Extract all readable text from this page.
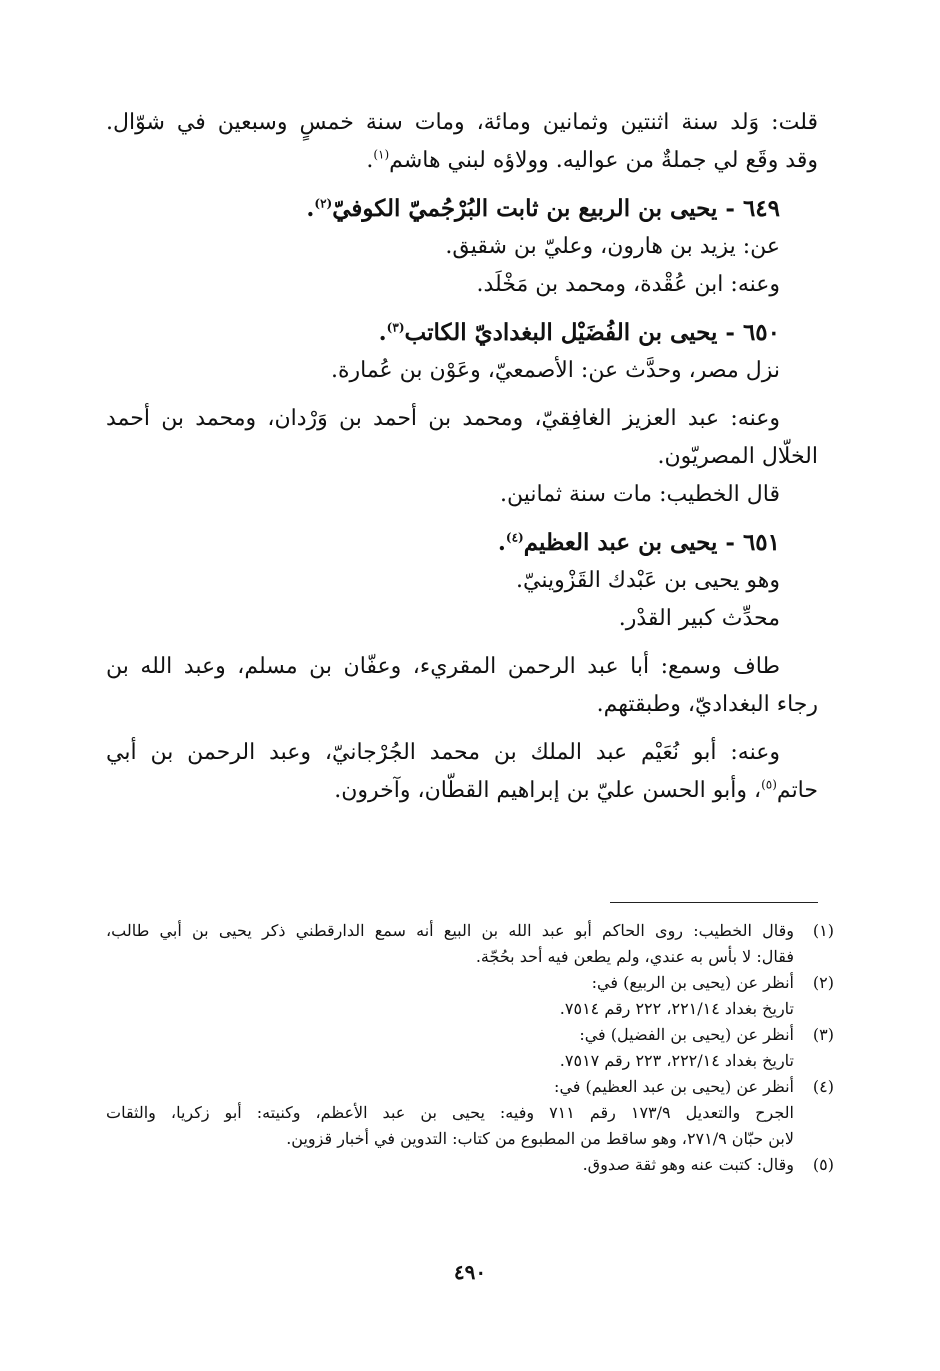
قلت: وَلد سنة اثنتين وثمانين ومائة، ومات سنة خمسٍ وسبعين في شوّال.
وقد وقَع لي جملةٌ من عواليه. وولاؤه لبني هاشم$^{(١)}$.
٦٤٩ - يحيى بن الربيع بن ثابت البُرْجُميّ الكوفيّ$^{(٢)}$.
عن: يزيد بن هارون، وعليّ بن شقيق.
وعنه: ابن عُقْدة، ومحمد بن مَخْلَد.
٦٥٠ - يحيى بن الفُضَيْل البغداديّ الكاتب$^{(٣)}$.
نزل مصر، وحدَّث عن: الأصمعيّ، وعَوْن بن عُمارة.
وعنه: عبد العزيز الغافِقيّ، ومحمد بن أحمد بن وَرْدان، ومحمد بن أحمد
الخلّال المصريّون.
قال الخطيب: مات سنة ثمانين.
٦٥١ - يحيى بن عبد العظيم$^{(٤)}$.
وهو يحيى بن عَبْدك القَزْوينيّ.
محدِّث كبير القدْر.
طاف وسمع: أبا عبد الرحمن المقريء، وعفّان بن مسلم، وعبد الله بن
رجاء البغداديّ، وطبقتهم.
وعنه: أبو نُعَيْم عبد الملك بن محمد الجُرْجانيّ، وعبد الرحمن بن أبي
حاتم$^{(٥)}$، وأبو الحسن عليّ بن إبراهيم القطّان، وآخرون.
(١)وقال الخطيب: روى الحاكم أبو عبد الله بن البيع أنه سمع الدارقطني ذكر يحيى بن أبي طالب،
فقال: لا بأس به عندي، ولم يطعن فيه أحد بحُجّة.
(٢)أنظر عن (يحيى بن الربيع) في:
تاريخ بغداد ٢٢١/١٤، ٢٢٢ رقم ٧٥١٤.
(٣)أنظر عن (يحيى بن الفضيل) في:
تاريخ بغداد ٢٢٢/١٤، ٢٢٣ رقم ٧٥١٧.
(٤)أنظر عن (يحيى بن عبد العظيم) في:
الجرح والتعديل ١٧٣/٩ رقم ٧١١ وفيه: يحيى بن عبد الأعظم، وكنيته: أبو زكريا، والثقات
لابن حبّان ٢٧١/٩، وهو ساقط من المطبوع من كتاب: التدوين في أخبار قزوين.
(٥)وقال: كتبت عنه وهو ثقة صدوق.
٤٩٠
